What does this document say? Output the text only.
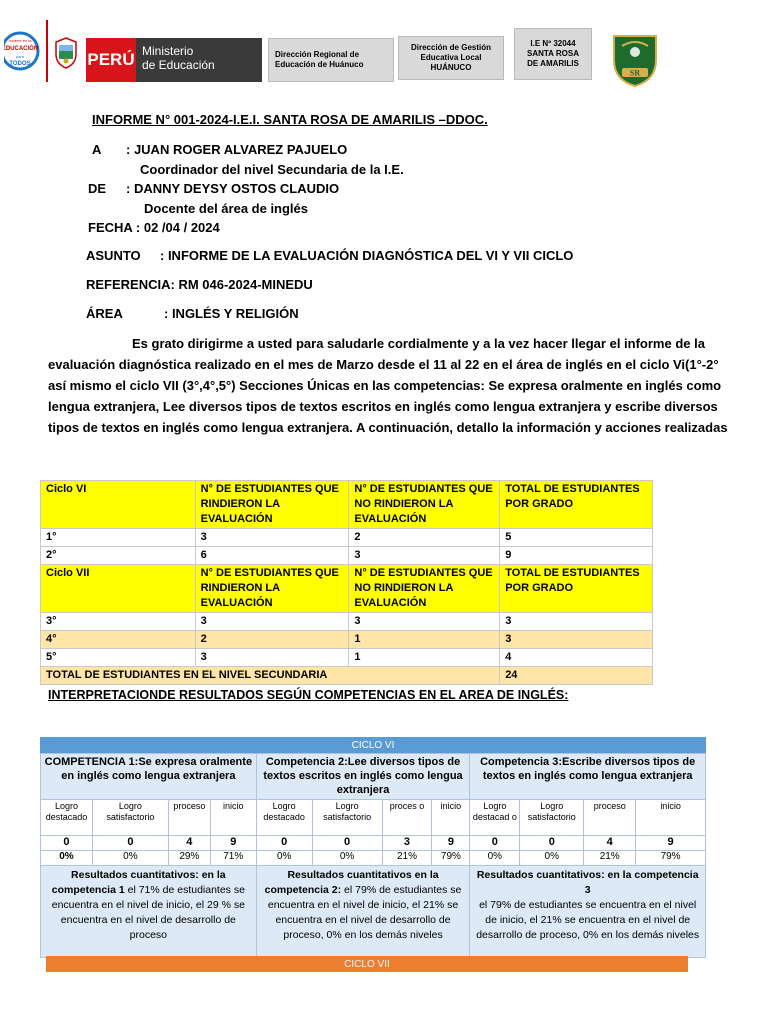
Invierte en la
EDUCACIÓN
para
TODOS	PERÚ Ministerio
de Educación
Dirección Regional de
Educación de Huánuco
Dirección de Gestión
Educativa Local
HUÁNUCO
I.E Nº 32044
SANTA ROSA
DE AMARILIS
SR
INFORME N° 001-2024-I.E.I. SANTA ROSA DE AMARILIS –DDOC.
A : JUAN ROGER ALVAREZ PAJUELO
Coordinador del nivel Secundaria de la I.E.
DE : DANNY DEYSY OSTOS CLAUDIO
Docente del área de inglés
FECHA : 02 /04 / 2024
ASUNTO : INFORME DE LA EVALUACIÓN DIAGNÓSTICA DEL VI Y VII CICLO
REFERENCIA: RM 046-2024-MINEDU
ÁREA	: INGLÉS Y RELIGIÓN

Es grato dirigirme a usted para saludarle cordialmente y a la vez hacer llegar el informe de la evaluación diagnóstica realizado en el mes de Marzo desde el 11 al 22 en el área de inglés en el ciclo Vi(1°-2° así mismo el ciclo VII (3°,4°,5°) Secciones Únicas en las competencias: Se expresa oralmente en inglés como lengua extranjera, Lee diversos tipos de textos escritos en inglés como lengua extranjera y escribe diversos tipos de textos en inglés como lengua extranjera. A continuación, detallo la información y acciones realizadas

Ciclo VI	N° DE ESTUDIANTES QUE RINDIERON LA EVALUACIÓN	N° DE ESTUDIANTES QUE NO RINDIERON LA EVALUACIÓN	TOTAL DE ESTUDIANTES POR GRADO
1°	3	2	5
2°	6	3	9
Ciclo VII	N° DE ESTUDIANTES QUE RINDIERON LA EVALUACIÓN	N° DE ESTUDIANTES QUE NO RINDIERON LA EVALUACIÓN	TOTAL DE ESTUDIANTES POR GRADO
3°	3	3	3
4°	2	1	3
5°	3	1	4
TOTAL DE ESTUDIANTES EN EL NIVEL SECUNDARIA			24
INTERPRETACIONDE RESULTADOS SEGÚN COMPETENCIAS EN EL AREA DE INGLÉS:
CICLO VI
COMPETENCIA 1:Se expresa oralmente en inglés como lengua extranjera				Competencia 2:Lee diversos tipos de textos escritos en inglés como lengua extranjera				Competencia 3:Escribe diversos tipos de textos en inglés como lengua extranjera			
Logro destacado	Logro satisfactorio	proceso	inicio	Logro destacado	Logro satisfactorio	proces o	inicio	Logro destacad o	Logro satisfactorio	proceso	inicio
0	0	4	9	0	0	3	9	0	0	4	9
0%	0%	29%	71%	0%	0%	21%	79%	0%	0%	21%	79%
Resultados cuantitativos: en la competencia 1 el 71% de estudiantes se encuentra en el nivel de inicio, el 29 % se encuentra en el nivel de desarrollo de proceso				Resultados cuantitativos en la competencia 2: el 79% de estudiantes se encuentra en el nivel de inicio, el 21% se encuentra en el nivel de desarrollo de proceso, 0% en los demás niveles				Resultados cuantitativos: en la competencia 3
el 79% de estudiantes se encuentra en el nivel de inicio, el 21% se encuentra en el nivel de desarrollo de proceso, 0% en los demás niveles			
CICLO VII
